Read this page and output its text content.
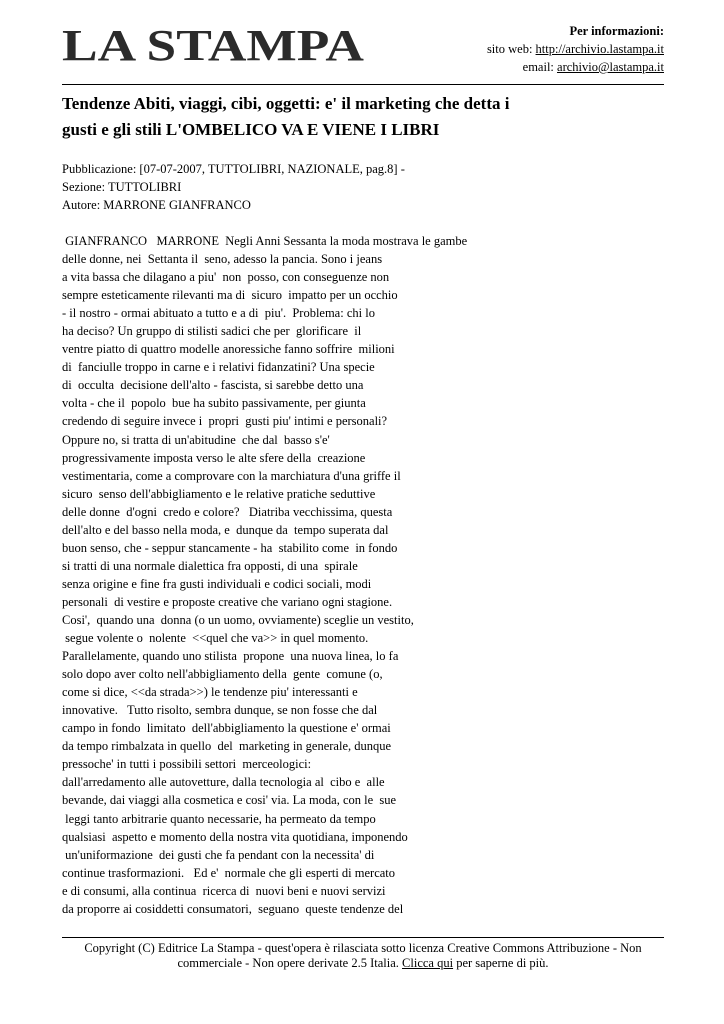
LA STAMPA	Per informazioni:
sito web: http://archivio.lastampa.it
email: archivio@lastampa.it
Tendenze Abiti, viaggi, cibi, oggetti: e' il marketing che detta i
gusti e gli stili L'OMBELICO VA E VIENE I LIBRI
Pubblicazione: [07-07-2007, TUTTOLIBRI, NAZIONALE, pag.8] -
Sezione: TUTTOLIBRI
Autore: MARRONE GIANFRANCO
GIANFRANCO   MARRONE  Negli Anni Sessanta la moda mostrava le gambe
delle donne, nei  Settanta il  seno, adesso la pancia. Sono i jeans
a vita bassa che dilagano a piu'  non  posso, con conseguenze non
sempre esteticamente rilevanti ma di  sicuro  impatto per un occhio
- il nostro - ormai abituato a tutto e a di  piu'.  Problema: chi lo
ha deciso? Un gruppo di stilisti sadici che per  glorificare  il
ventre piatto di quattro modelle anoressiche fanno soffrire  milioni
di  fanciulle troppo in carne e i relativi fidanzatini? Una specie
di  occulta  decisione dell'alto - fascista, si sarebbe detto una
volta - che il  popolo  bue ha subito passivamente, per giunta
credendo di seguire invece i  propri  gusti piu' intimi e personali?
Oppure no, si tratta di un'abitudine  che dal  basso s'e'
progressivamente imposta verso le alte sfere della  creazione
vestimentaria, come a comprovare con la marchiatura d'una griffe il
sicuro  senso dell'abbigliamento e le relative pratiche seduttive
delle donne  d'ogni  credo e colore?   Diatriba vecchissima, questa
dell'alto e del basso nella moda, e  dunque da  tempo superata dal
buon senso, che - seppur stancamente - ha  stabilito come  in fondo
si tratti di una normale dialettica fra opposti, di una  spirale
senza origine e fine fra gusti individuali e codici sociali, modi
personali  di vestire e proposte creative che variano ogni stagione.
Cosi',  quando una  donna (o un uomo, ovviamente) sceglie un vestito,
segue volente o  nolente  <<quel che va>> in quel momento.
Parallelamente, quando uno stilista  propone  una nuova linea, lo fa
solo dopo aver colto nell'abbigliamento della  gente  comune (o,
come si dice, <<da strada>>) le tendenze piu' interessanti e
innovative.   Tutto risolto, sembra dunque, se non fosse che dal
campo in fondo  limitato  dell'abbigliamento la questione e' ormai
da tempo rimbalzata in quello  del  marketing in generale, dunque
pressoche' in tutti i possibili settori  merceologici:
dall'arredamento alle autovetture, dalla tecnologia al  cibo e  alle
bevande, dai viaggi alla cosmetica e cosi' via. La moda, con le  sue
leggi tanto arbitrarie quanto necessarie, ha permeato da tempo
qualsiasi  aspetto e momento della nostra vita quotidiana, imponendo
un'uniformazione  dei gusti che fa pendant con la necessita' di
continue trasformazioni.   Ed e'  normale che gli esperti di mercato
e di consumi, alla continua  ricerca di  nuovi beni e nuovi servizi
da proporre ai cosiddetti consumatori,  seguano  queste tendenze del
Copyright (C) Editrice La Stampa - quest'opera è rilasciata sotto licenza Creative Commons Attribuzione - Non
commerciale - Non opere derivate 2.5 Italia. Clicca qui per saperne di più.
